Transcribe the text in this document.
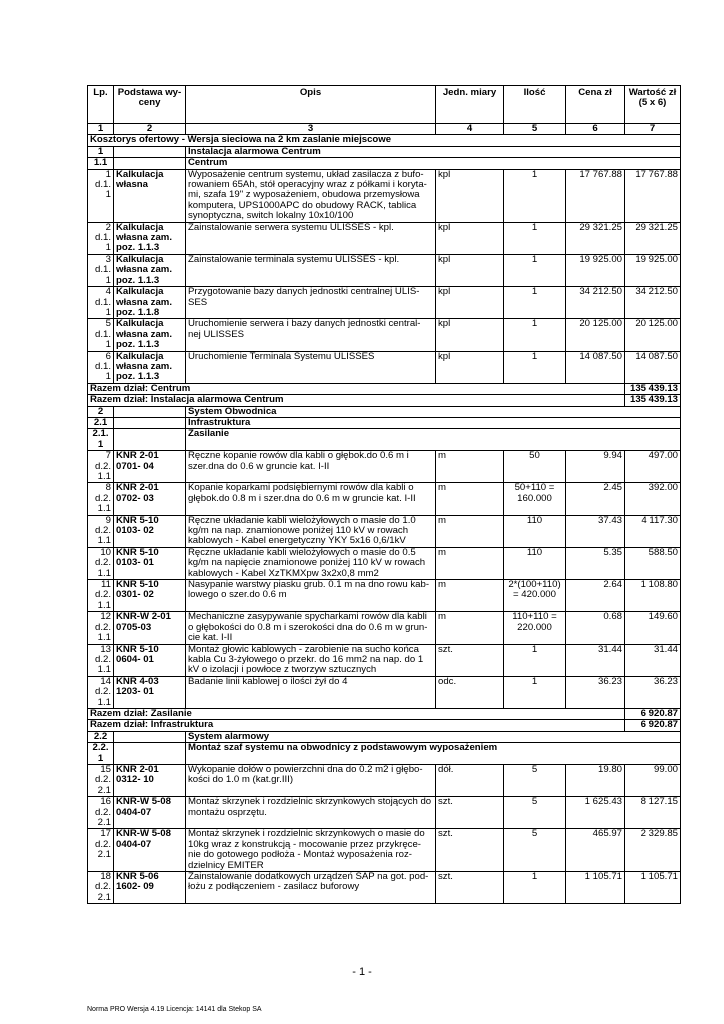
Lp.	Podstawa wy- ceny	Opis	Jedn. miary	Ilość	Cena zł	Wartość zł (5 x 6)
1	2	3	4	5	6	7
Kosztorys ofertowy - Wersja sieciowa na 2 km zaslanie miejscowe						
1		Instalacja alarmowa Centrum				
1.1		Centrum				
1 d.1. 1	Kalkulacja własna	Wyposażenie centrum systemu, układ zasilacza z bufo- rowaniem 65Ah, stół operacyjny wraz z półkami i koryta- mi, szafa 19" z wyposażeniem, obudowa przemysłowa komputera, UPS1000APC do obudowy RACK, tablica synoptyczna, switch lokalny 10x10/100	kpl	1	17 767.88	17 767.88
2 d.1. 1	Kalkulacja własna zam. poz. 1.1.3	Zainstalowanie serwera systemu ULISSES - kpl.	kpl	1	29 321.25	29 321.25
3 d.1. 1	Kalkulacja własna zam. poz. 1.1.3	Zainstalowanie terminala systemu ULISSES - kpl.	kpl	1	19 925.00	19 925.00
4 d.1. 1	Kalkulacja własna zam. poz. 1.1.8	Przygotowanie bazy danych jednostki centralnej ULIS- SES	kpl	1	34 212.50	34 212.50
5 d.1. 1	Kalkulacja własna zam. poz. 1.1.3	Uruchomienie serwera i bazy danych jednostki central- nej ULISSES	kpl	1	20 125.00	20 125.00
6 d.1. 1	Kalkulacja własna zam. poz. 1.1.3	Uruchomienie Terminala Systemu ULISSES	kpl	1	14 087.50	14 087.50
Razem dział: Centrum						135 439.13
Razem dział: Instalacja alarmowa Centrum						135 439.13
2		System Obwodnica				
2.1		Infrastruktura				
2.1. 1		Zasilanie				
7 d.2. 1.1	KNR 2-01 0701- 04	Ręczne kopanie rowów dla kabli o głębok.do 0.6 m i szer.dna do 0.6 w gruncie kat. I-II	m	50	9.94	497.00
8 d.2. 1.1	KNR 2-01 0702- 03	Kopanie koparkami podsiębiernymi rowów dla kabli o głębok.do 0.8 m i szer.dna do 0.6 m w gruncie kat. I-II	m	50+110 = 160.000	2.45	392.00
9 d.2. 1.1	KNR 5-10 0103- 02	Ręczne układanie kabli wielożyłowych o masie do 1.0 kg/m na nap. znamionowe poniżej 110 kV w rowach kablowych - Kabel energetyczny YKY 5x16 0,6/1kV	m	110	37.43	4 117.30
10 d.2. 1.1	KNR 5-10 0103- 01	Ręczne układanie kabli wielożyłowych o masie do 0.5 kg/m na napięcie znamionowe poniżej 110 kV w rowach kablowych - Kabel XzTKMXpw 3x2x0,8 mm2	m	110	5.35	588.50
11 d.2. 1.1	KNR 5-10 0301- 02	Nasypanie warstwy piasku grub. 0.1 m na dno rowu kab- lowego o szer.do 0.6 m	m	2*(100+110) = 420.000	2.64	1 108.80
12 d.2. 1.1	KNR-W 2-01 0705-03	Mechaniczne zasypywanie spycharkami rowów dla kabli o głębokości do 0.8 m i szerokości dna do 0.6 m w grun- cie kat. I-II	m	110+110 = 220.000	0.68	149.60
13 d.2. 1.1	KNR 5-10 0604- 01	Montaż głowic kablowych - zarobienie na sucho końca kabla Cu 3-żyłowego o przekr. do 16 mm2 na nap. do 1 kV o izolacji i powłoce z tworzyw sztucznych	szt.	1	31.44	31.44
14 d.2. 1.1	KNR 4-03 1203- 01	Badanie linii kablowej o ilości żył do 4	odc.	1	36.23	36.23
Razem dział: Zasilanie						6 920.87
Razem dział: Infrastruktura						6 920.87
2.2		System alarmowy				
2.2. 1		Montaż szaf systemu na obwodnicy z podstawowym wyposażeniem				
15 d.2. 2.1	KNR 2-01 0312- 10	Wykopanie dołów o powierzchni dna do 0.2 m2 i głębo- kości do 1.0 m (kat.gr.III)	dół.	5	19.80	99.00
16 d.2. 2.1	KNR-W 5-08 0404-07	Montaż skrzynek i rozdzielnic skrzynkowych stojących do montażu osprzętu.	szt.	5	1 625.43	8 127.15
17 d.2. 2.1	KNR-W 5-08 0404-07	Montaż skrzynek i rozdzielnic skrzynkowych o masie do 10kg wraz z konstrukcją - mocowanie przez przykręce- nie do gotowego podłoża - Montaż wyposażenia roz- dzielnicy EMITER	szt.	5	465.97	2 329.85
18 d.2. 2.1	KNR 5-06 1602- 09	Zainstalowanie dodatkowych urządzeń SAP na got. pod- łożu z podłączeniem - zasilacz buforowy	szt.	1	1 105.71	1 105.71
- 1 -
Norma PRO Wersja 4.19 Licencja: 14141 dla Stekop SA
